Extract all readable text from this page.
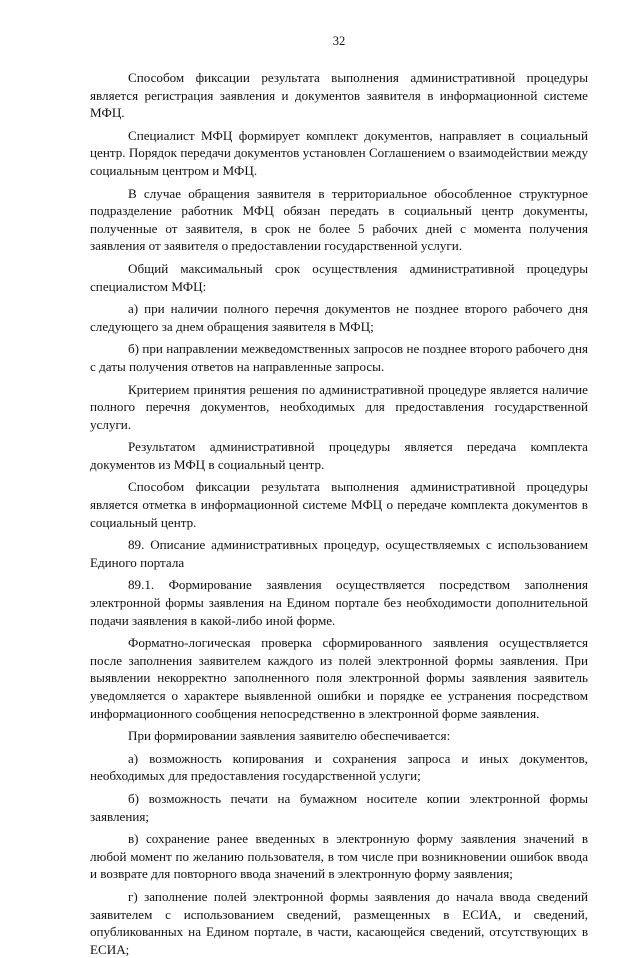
32

Способом фиксации результата выполнения административной процедуры является регистрация заявления и документов заявителя в информационной системе МФЦ.

Специалист МФЦ формирует комплект документов, направляет в социальный центр. Порядок передачи документов установлен Соглашением о взаимодействии между социальным центром и МФЦ.

В случае обращения заявителя в территориальное обособленное структурное подразделение работник МФЦ обязан передать в социальный центр документы, полученные от заявителя, в срок не более 5 рабочих дней с момента получения заявления от заявителя о предоставлении государственной услуги.

Общий максимальный срок осуществления административной процедуры специалистом МФЦ:

а) при наличии полного перечня документов не позднее второго рабочего дня следующего за днем обращения заявителя в МФЦ;

б) при направлении межведомственных запросов не позднее второго рабочего дня с даты получения ответов на направленные запросы.

Критерием принятия решения по административной процедуре является наличие полного перечня документов, необходимых для предоставления государственной услуги.

Результатом административной процедуры является передача комплекта документов из МФЦ в социальный центр.

Способом фиксации результата выполнения административной процедуры является отметка в информационной системе МФЦ о передаче комплекта документов в социальный центр.

89. Описание административных процедур, осуществляемых с использованием Единого портала

89.1. Формирование заявления осуществляется посредством заполнения электронной формы заявления на Едином портале без необходимости дополнительной подачи заявления в какой-либо иной форме.

Форматно-логическая проверка сформированного заявления осуществляется после заполнения заявителем каждого из полей электронной формы заявления. При выявлении некорректно заполненного поля электронной формы заявления заявитель уведомляется о характере выявленной ошибки и порядке ее устранения посредством информационного сообщения непосредственно в электронной форме заявления.

При формировании заявления заявителю обеспечивается:

а) возможность копирования и сохранения запроса и иных документов, необходимых для предоставления государственной услуги;

б) возможность печати на бумажном носителе копии электронной формы заявления;

в) сохранение ранее введенных в электронную форму заявления значений в любой момент по желанию пользователя, в том числе при возникновении ошибок ввода и возврате для повторного ввода значений в электронную форму заявления;

г) заполнение полей электронной формы заявления до начала ввода сведений заявителем с использованием сведений, размещенных в ЕСИА, и сведений, опубликованных на Едином портале, в части, касающейся сведений, отсутствующих в ЕСИА;
